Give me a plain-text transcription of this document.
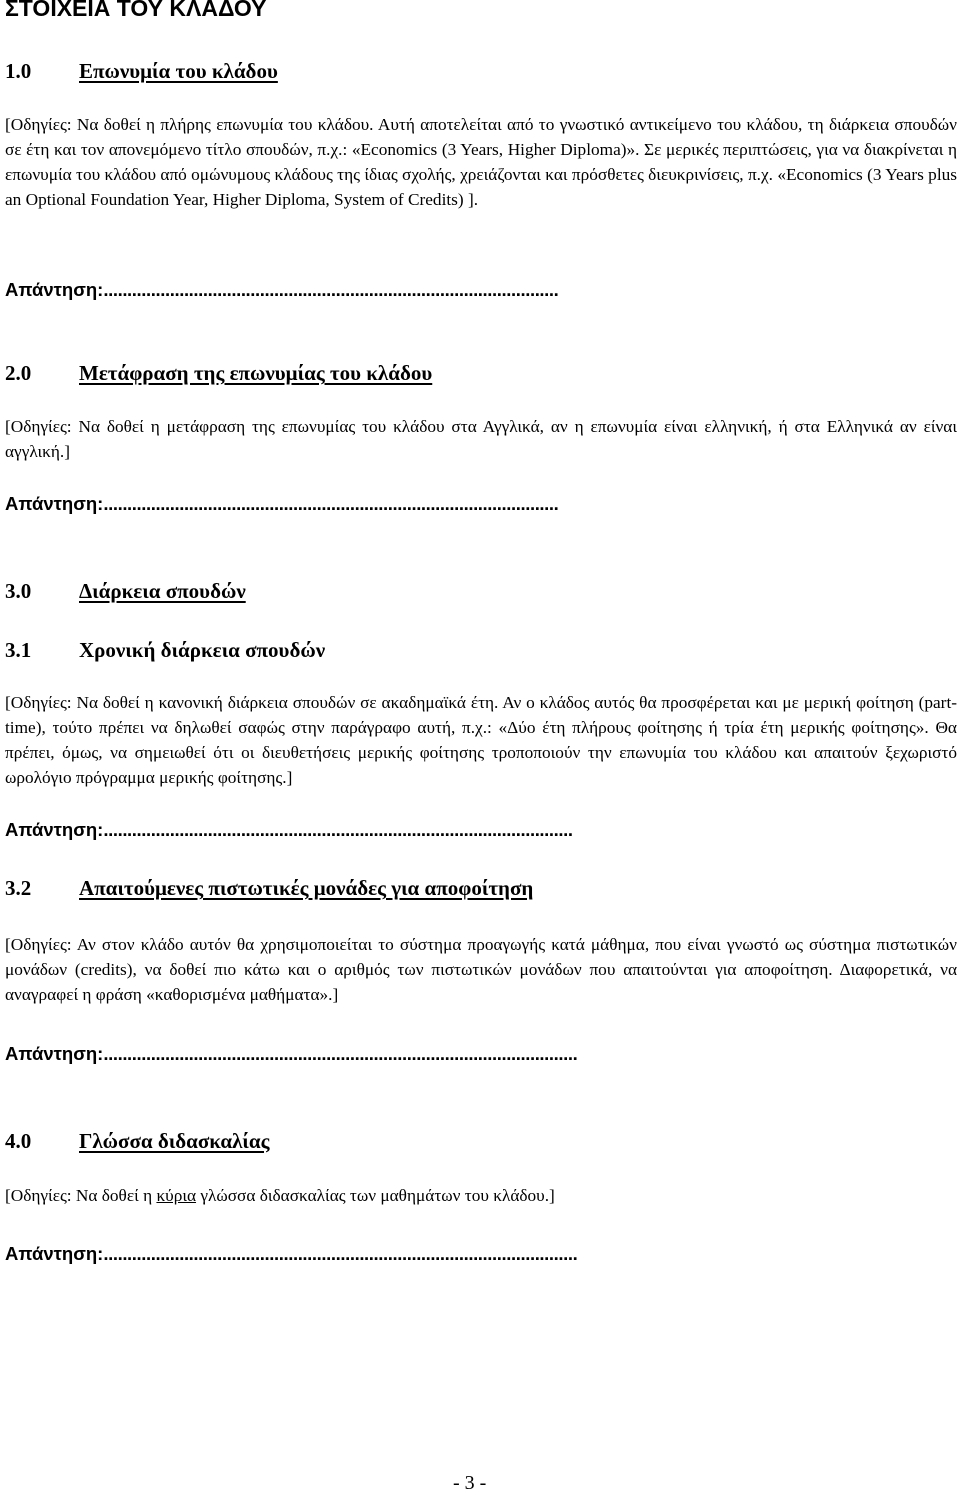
ΣΤΟΙΧΕΙΑ ΤΟΥ ΚΛΑΔΟΥ
1.0 Επωνυμία του κλάδου
[Οδηγίες: Να δοθεί η πλήρης επωνυμία του κλάδου. Αυτή αποτελείται από το γνωστικό αντικείμενο του κλάδου, τη διάρκεια σπουδών σε έτη και τον απονεμόμενο τίτλο σπουδών, π.χ.: «Economics (3 Years, Higher Diploma)». Σε μερικές περιπτώσεις, για να διακρίνεται η επωνυμία του κλάδου από ομώνυμους κλάδους της ίδιας σχολής, χρειάζονται και πρόσθετες διευκρινίσεις, π.χ. «Economics (3 Years plus an Optional Foundation Year, Higher Diploma, System of Credits) ].
Απάντηση:................................................................................................
2.0 Μετάφραση της επωνυμίας του κλάδου
[Οδηγίες: Να δοθεί η μετάφραση της επωνυμίας του κλάδου στα Αγγλικά, αν η επωνυμία είναι ελληνική, ή στα Ελληνικά αν είναι αγγλική.]
Απάντηση:................................................................................................
3.0 Διάρκεια σπουδών
3.1 Χρονική διάρκεια σπουδών
[Οδηγίες: Να δοθεί η κανονική διάρκεια σπουδών σε ακαδημαϊκά έτη. Αν ο κλάδος αυτός θα προσφέρεται και με μερική φοίτηση (part-time), τούτο πρέπει να δηλωθεί σαφώς στην παράγραφο αυτή, π.χ.: «Δύο έτη πλήρους φοίτησης ή τρία έτη μερικής φοίτησης». Θα πρέπει, όμως, να σημειωθεί ότι οι διευθετήσεις μερικής φοίτησης τροποποιούν την επωνυμία του κλάδου και απαιτούν ξεχωριστό ωρολόγιο πρόγραμμα μερικής φοίτησης.]
Απάντηση:...................................................................................................
3.2 Απαιτούμενες πιστωτικές μονάδες για αποφοίτηση
[Οδηγίες: Αν στον κλάδο αυτόν θα χρησιμοποιείται το σύστημα προαγωγής κατά μάθημα, που είναι γνωστό ως σύστημα πιστωτικών μονάδων (credits), να δοθεί πιο κάτω και ο αριθμός των πιστωτικών μονάδων που απαιτούνται για αποφοίτηση. Διαφορετικά, να αναγραφεί η φράση «καθορισμένα μαθήματα».]
Απάντηση:....................................................................................................
4.0 Γλώσσα διδασκαλίας
[Οδηγίες: Να δοθεί η κύρια γλώσσα διδασκαλίας των μαθημάτων του κλάδου.]
Απάντηση:....................................................................................................
- 3 -
